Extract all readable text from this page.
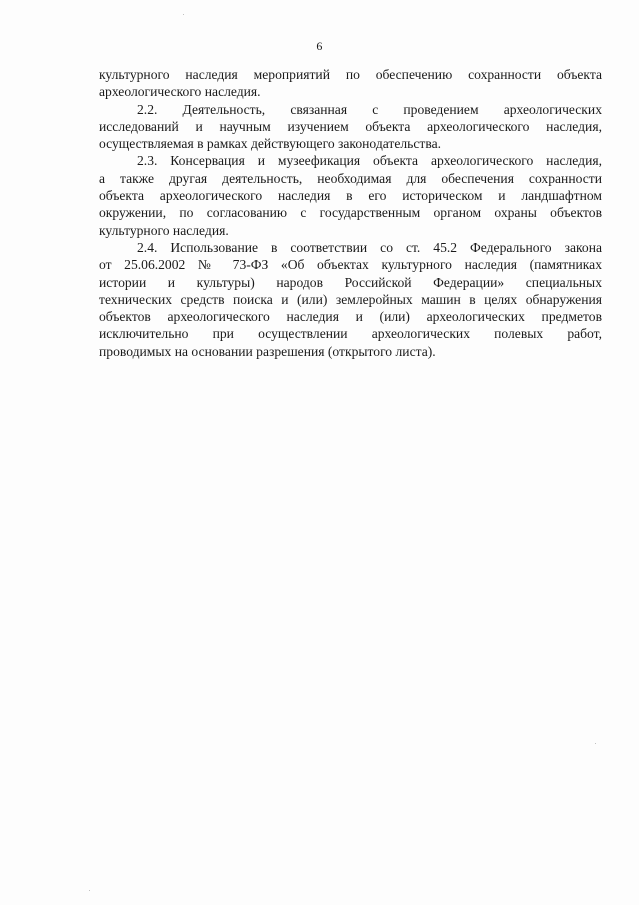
6
культурного наследия мероприятий по обеспечению сохранности объекта
археологического наследия.
2.2. Деятельность, связанная с проведением археологических
исследований и научным изучением объекта археологического наследия,
осуществляемая в рамках действующего законодательства.
2.3. Консервация и музеефикация объекта археологического наследия,
а также другая деятельность, необходимая для обеспечения сохранности
объекта археологического наследия в его историческом и ландшафтном
окружении, по согласованию с государственным органом охраны объектов
культурного наследия.
2.4. Использование в соответствии со ст. 45.2 Федерального закона
от 25.06.2002 № 73-ФЗ «Об объектах культурного наследия (памятниках
истории и культуры) народов Российской Федерации» специальных
технических средств поиска и (или) землеройных машин в целях обнаружения
объектов археологического наследия и (или) археологических предметов
исключительно при осуществлении археологических полевых работ,
проводимых на основании разрешения (открытого листа).
